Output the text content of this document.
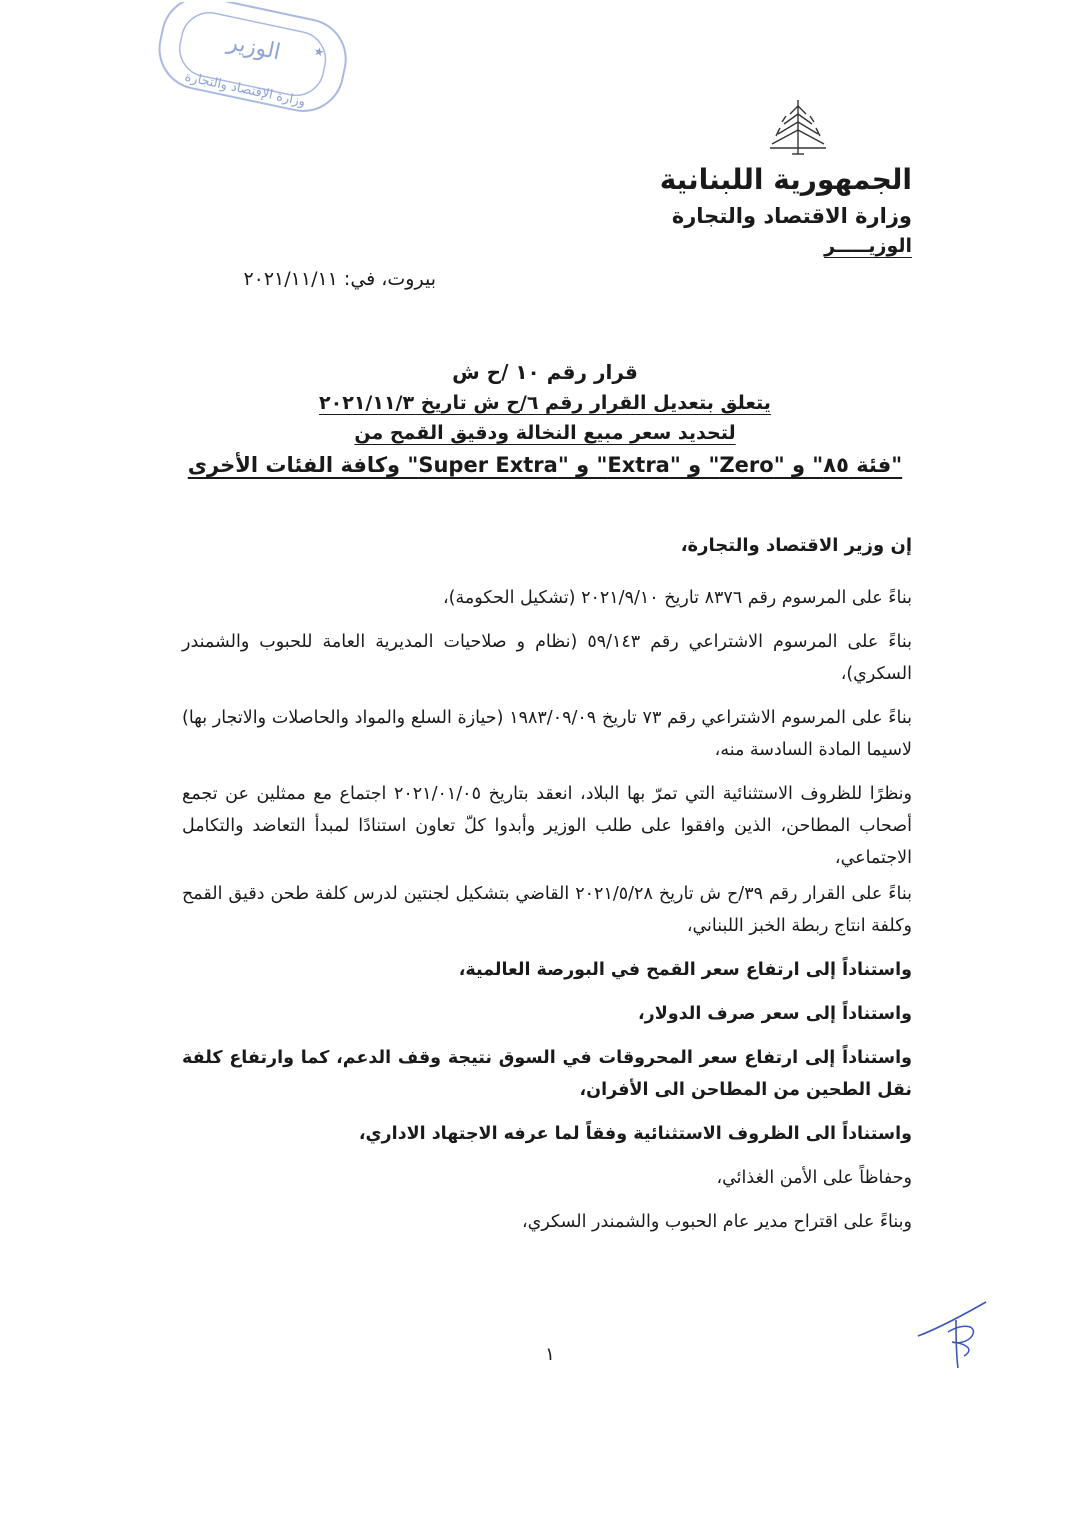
الوزير
وزارة الإقتصاد والتجارة
★

الجمهورية اللبنانية

وزارة الاقتصاد والتجارة

الوزيـــــر

بيروت، في: ٢٠٢١/١١/١١

قرار رقم ١٠ /ح ش

يتعلق بتعديل القرار رقم ٦/ح ش تاريخ ٢٠٢١/١١/٣

لتحديد سعر مبيع النخالة ودقيق القمح من

"فئة ٨٥" و "Zero" و "Extra" و "Super Extra" وكافة الفئات الأخرى

إن وزير الاقتصاد والتجارة،

بناءً على المرسوم رقم ٨٣٧٦ تاريخ ٢٠٢١/٩/١٠ (تشكيل الحكومة)،

بناءً على المرسوم الاشتراعي رقم ٥٩/١٤٣ (نظام و صلاحيات المديرية العامة للحبوب والشمندر السكري)،

بناءً على المرسوم الاشتراعي رقم ٧٣ تاريخ ١٩٨٣/٠٩/٠٩ (حيازة السلع والمواد والحاصلات والاتجار بها) لاسيما المادة السادسة منه،

ونظرًا للظروف الاستثنائية التي تمرّ بها البلاد، انعقد بتاريخ ٢٠٢١/٠١/٠٥ اجتماع مع ممثلين عن تجمع أصحاب المطاحن، الذين وافقوا على طلب الوزير وأبدوا كلّ تعاون استنادًا لمبدأ التعاضد والتكامل الاجتماعي،

بناءً على القرار رقم ٣٩/ح ش تاريخ ٢٠٢١/٥/٢٨ القاضي بتشكيل لجنتين لدرس كلفة طحن دقيق القمح وكلفة انتاج ربطة الخبز اللبناني،

واستناداً إلى ارتفاع سعر القمح في البورصة العالمية،

واستناداً إلى سعر صرف الدولار،

واستناداً إلى ارتفاع سعر المحروقات في السوق نتيجة وقف الدعم، كما وارتفاع كلفة نقل الطحين من المطاحن الى الأفران،

واستناداً الى الظروف الاستثنائية وفقاً لما عرفه الاجتهاد الاداري،

وحفاظاً على الأمن الغذائي،

وبناءً على اقتراح مدير عام الحبوب والشمندر السكري،

١
